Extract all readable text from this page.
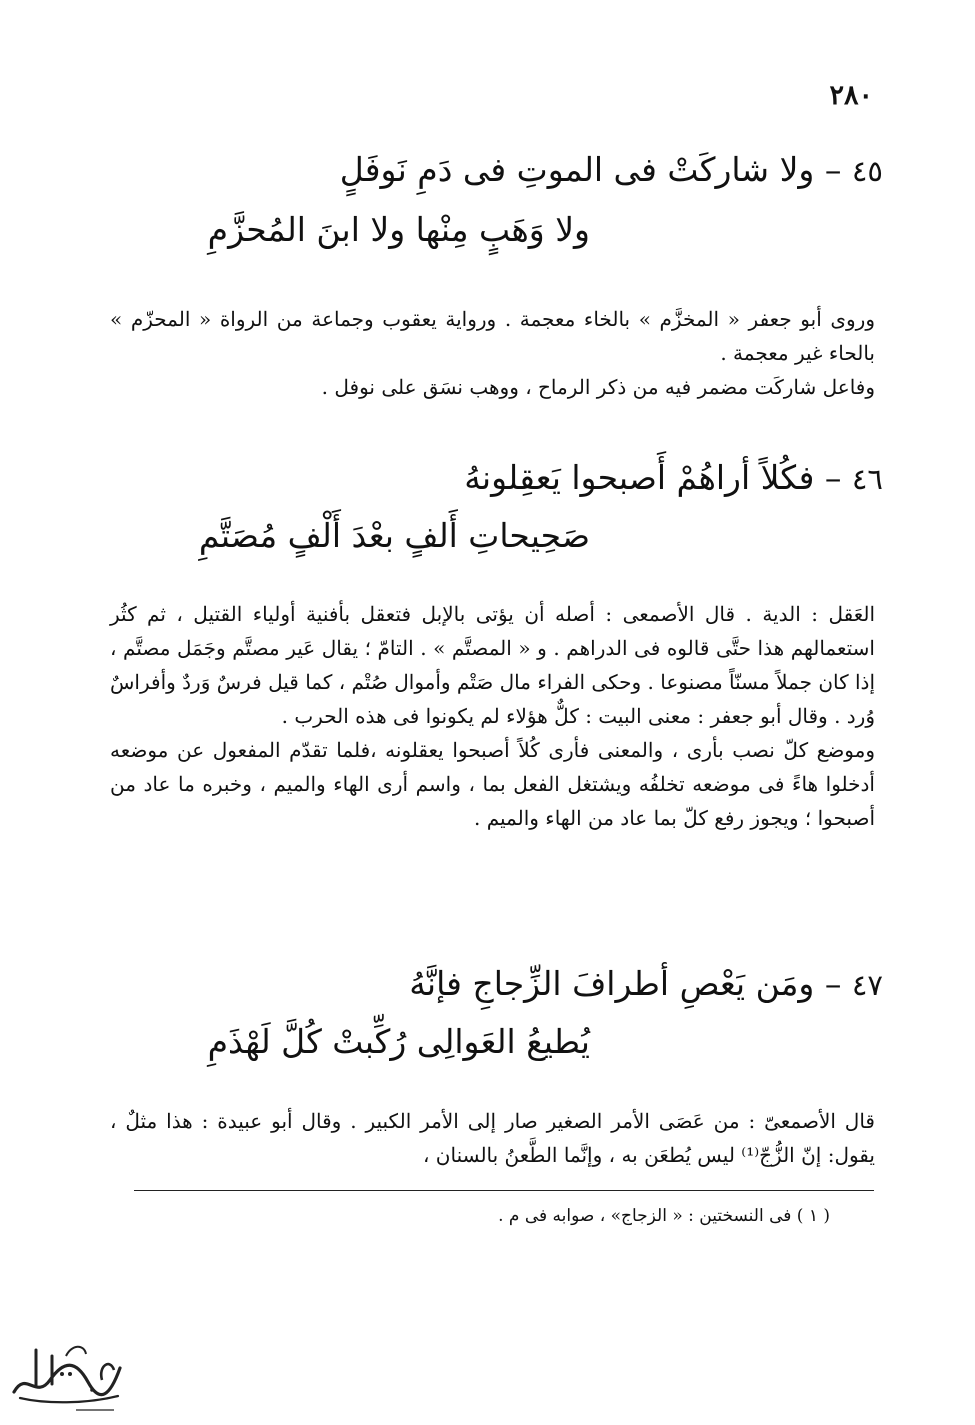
٢٨٠
٤٥ – ولا شاركَتْ فى الموتِ فى دَمِ نَوفَلٍ
ولا وَهَبٍ مِنْها ولا ابنَ المُحزَّمِ

وروى أبو جعفر « المخزَّم » بالخاء معجمة . ورواية يعقوب وجماعة من الرواة « المحزّم » بالحاء غير معجمة .

وفاعل شاركَت مضمر فيه من ذكر الرماح ، ووهب نسَق على نوفل .

٤٦ – فكُلاً أراهُمْ أَصبحوا يَعقِلونهُ
صَحِيحاتِ أَلفٍ بعْدَ أَلْفٍ مُصَتَّمِ

العَقل : الدية . قال الأصمعى : أصله أن يؤتى بالإبل فتعقل بأفنية أولياء القتيل ، ثم كثُر استعمالهم هذا حتَّى قالوه فى الدراهم . و « المصتَّم » . التامّ ؛ يقال عَير مصتَّم وجَمَل مصتَّم ، إذا كان جملاً مسنّاً مصنوعا . وحكى الفراء مال صَتْم وأموال صُتْم ، كما قيل فرسٌ وَردٌ وأفراسٌ وُرد . وقال أبو جعفر : معنى البيت : كلٌّ هؤلاء لم يكونوا فى هذه الحرب .

وموضع كلّ نصب بأرى ، والمعنى فأرى كُلاً أصبحوا يعقلونه ،فلما تقدّم المفعول عن موضعه أدخلوا هاءً فى موضعه تخلفُه ويشتغل الفعل بما ، واسم أرى الهاء والميم ، وخبره ما عاد من أصبحوا ؛ ويجوز رفع كلّ بما عاد من الهاء والميم .

٤٧ – ومَن يَعْصِ أطرافَ الزِّجاجِ فإنَّهُ
يُطيعُ العَوالِى رُكِّبتْ كُلَّ لَهْذَمِ

قال الأصمعىّ : من عَصَى الأمر الصغير صار إلى الأمر الكبير . وقال أبو عبيدة : هذا مثلٌ ، يقول: إنّ الزُّجّ⁽¹⁾ ليس يُطعَن به ، وإنَّما الطَّعنُ بالسنان ،

( ١ ) فى النسختين : « الزجاج» ، صوابه فى م .
